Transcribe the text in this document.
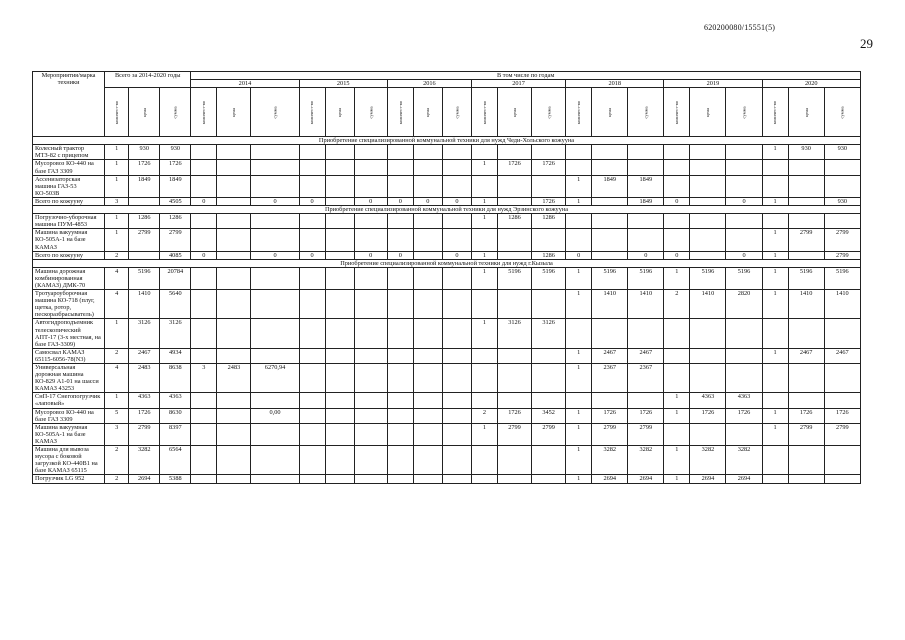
620200080/15551(5)
29
Мероприятия/марка техники	Всего за 2014-2020 годы			В том числе по годам																				
				2014			2015			2016			2017			2018			2019			2020		
	количест-во	цена	сумма	количест-во	цена	сумма	количест-во	цена	сумма	количест-во	цена	сумма	количест-во	цена	сумма	количест-во	цена	сумма	количест-во	цена	сумма	количест-во	цена	сумма
Приобретение специализированной коммунальной техники для нужд Чеди-Хольского кожууна																								
Колесный трактор МТЗ-82 с прицепом	1	930	930																			1	930	930
Мусоровоз КО-440 на базе ГАЗ 3309	1	1726	1726										1	1726	1726									
Ассенизаторская машина ГАЗ-53 КО-503В	1	1849	1849													1	1849	1849						
Всего по кожууну	3		4505	0		0	0		0	0	0	0	1		1726	1		1849	0		0	1		930
Приобретение специализированной коммунальной техники для нужд Эрзинского кожууна																								
Погрузочно-уборочная машина ПУМ-4853	1	1286	1286										1	1286	1286									
Машина вакуумная КО-505А-1 на базе КАМАЗ	1	2799	2799																			1	2799	2799
Всего по кожууну	2		4085	0		0	0		0	0		0	1		1286	0		0	0		0	1		2799
Приобретение специализированной коммунальной техники для нужд г.Кызыла																								
Машина дорожная комбинированная (КАМАЗ) ДМК-70	4	5196	20784										1	5196	5196	1	5196	5196	1	5196	5196	1	5196	5196
Тротуароуборочная машина КО-718 (плуг, щетка, ротор, пескоразбрасыватель)	4	1410	5640													1	1410	1410	2	1410	2820	1	1410	1410
Автогидроподъемник телескопический АПТ-17 (3-х местная, на базе ГАЗ-3309)	1	3126	3126										1	3126	3126									
Самосвал КАМАЗ 65115-6056-78(N3)	2	2467	4934													1	2467	2467				1	2467	2467
Универсальная дорожная машина КО-829 А1-01 на шасси КАМАЗ 43253	4	2483	8638	3	2483	6270,94										1	2367	2367						
СнП-17 Снегопогрузчик «лаповый»	1	4363	4363																1	4363	4363			
Мусоровоз КО-440 на базе ГАЗ 3309	5	1726	8630			0,00							2	1726	3452	1	1726	1726	1	1726	1726	1	1726	1726
Машина вакуумная КО-505А-1 на базе КАМАЗ	3	2799	8397										1	2799	2799	1	2799	2799				1	2799	2799
Машина для вывоза мусора с боковой загрузкой КО-440В1 на базе КАМАЗ 65115	2	3282	6564													1	3282	3282	1	3282	3282			
Погрузчик LG 952	2	2694	5388													1	2694	2694	1	2694	2694			
